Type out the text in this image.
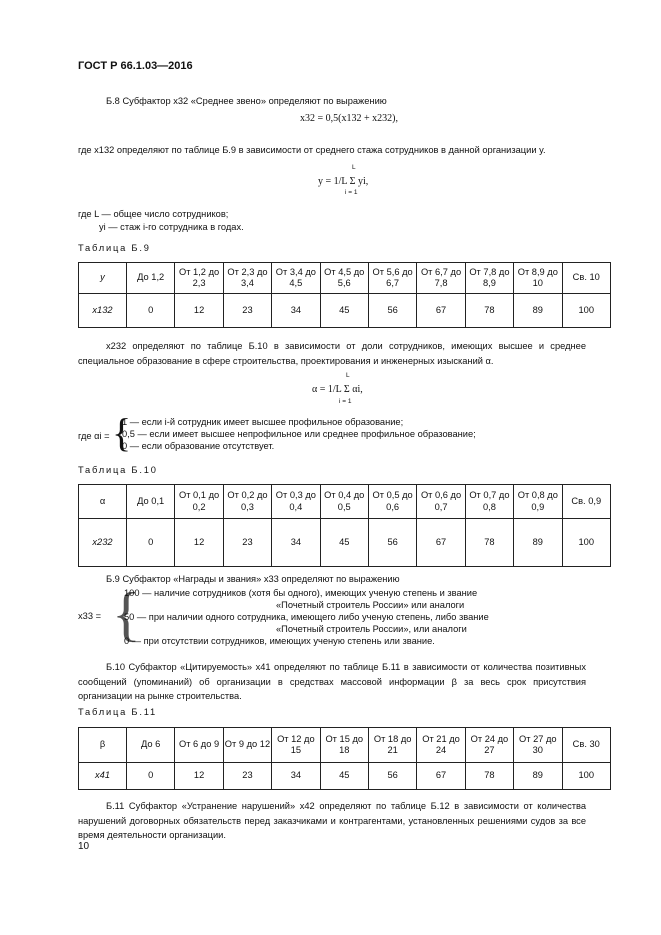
ГОСТ Р 66.1.03—2016
Б.8 Субфактор x32 «Среднее звено» определяют по выражению
x32 = 0,5(x132 + x232),
где x132 определяют по таблице Б.9 в зависимости от среднего стажа сотрудников в данной организации y.
y = 1/L Σ yi,
L
i = 1
где L — общее число сотрудников;
yi — стаж i-го сотрудника в годах.
Таблица Б.9
y	До 1,2	От 1,2 до 2,3	От 2,3 до 3,4	От 3,4 до 4,5	От 4,5 до 5,6	От 5,6 до 6,7	От 6,7 до 7,8	От 7,8 до 8,9	От 8,9 до 10	Св. 10
x132	0	12	23	34	45	56	67	78	89	100
x232 определяют по таблице Б.10 в зависимости от доли сотрудников, имеющих высшее и среднее специальное образование в сфере строительства, проектирования и инженерных изысканий α.
α = 1/L Σ αi,
L
i = 1
где αi = {
1 — если i-й сотрудник имеет высшее профильное образование;
0,5 — если имеет высшее непрофильное или среднее профильное образование;
0 — если образование отсутствует.
Таблица Б.10
α	До 0,1	От 0,1 до 0,2	От 0,2 до 0,3	От 0,3 до 0,4	От 0,4 до 0,5	От 0,5 до 0,6	От 0,6 до 0,7	От 0,7 до 0,8	От 0,8 до 0,9	Св. 0,9
x232	0	12	23	34	45	56	67	78	89	100
Б.9 Субфактор «Награды и звания» x33 определяют по выражению
x33 = {
100 — наличие сотрудников (хотя бы одного), имеющих ученую степень и звание
«Почетный строитель России» или аналоги
50 — при наличии одного сотрудника, имеющего либо ученую степень, либо звание
«Почетный строитель России», или аналоги
0 — при отсутствии сотрудников, имеющих ученую степень или звание.
Б.10 Субфактор «Цитируемость» x41 определяют по таблице Б.11 в зависимости от количества позитивных сообщений (упоминаний) об организации в средствах массовой информации β за весь срок присутствия организации на рынке строительства.
Таблица Б.11
β	До 6	От 6 до 9	От 9 до 12	От 12 до 15	От 15 до 18	От 18 до 21	От 21 до 24	От 24 до 27	От 27 до 30	Св. 30
x41	0	12	23	34	45	56	67	78	89	100
Б.11 Субфактор «Устранение нарушений» x42 определяют по таблице Б.12 в зависимости от количества нарушений договорных обязательств перед заказчиками и контрагентами, установленных решениями судов за все время деятельности организации.
10
